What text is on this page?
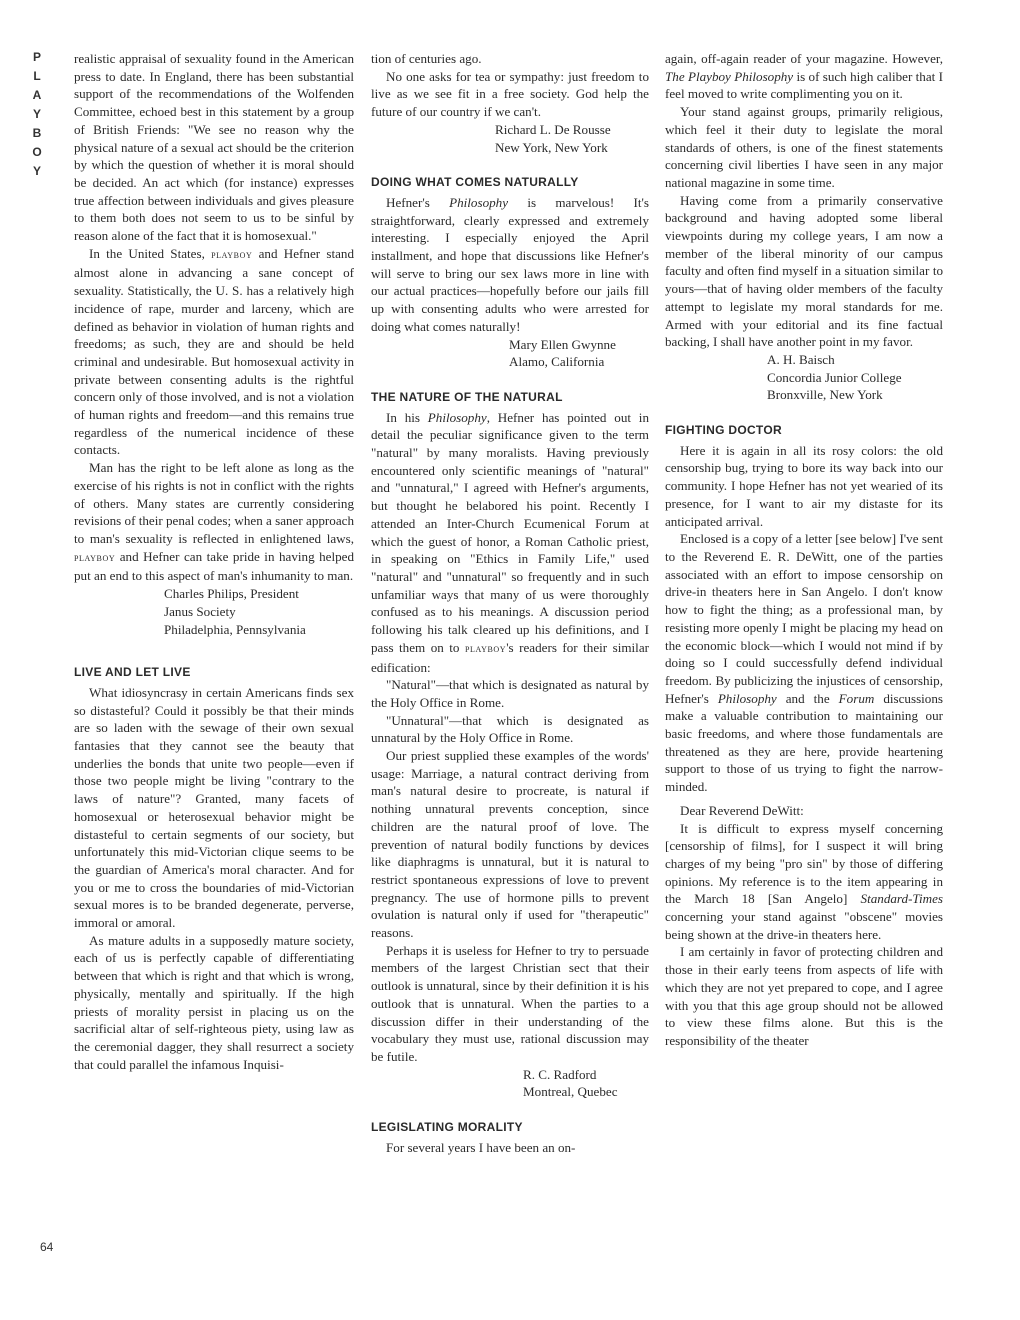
P
L
A
Y
B
O
Y
64

realistic appraisal of sexuality found in the American press to date. In England, there has been substantial support of the recommendations of the Wolfenden Committee, echoed best in this statement by a group of British Friends: "We see no reason why the physical nature of a sexual act should be the criterion by which the question of whether it is moral should be decided. An act which (for instance) expresses true affection between individuals and gives pleasure to them both does not seem to us to be sinful by reason alone of the fact that it is homosexual."

In the United States, playboy and Hefner stand almost alone in advancing a sane concept of sexuality. Statistically, the U. S. has a relatively high incidence of rape, murder and larceny, which are defined as behavior in violation of human rights and freedoms; as such, they are and should be held criminal and undesirable. But homosexual activity in private between consenting adults is the rightful concern only of those involved, and is not a violation of human rights and freedom—and this remains true regardless of the numerical incidence of these contacts.

Man has the right to be left alone as long as the exercise of his rights is not in conflict with the rights of others. Many states are currently considering revisions of their penal codes; when a saner approach to man's sexuality is reflected in enlightened laws, playboy and Hefner can take pride in having helped put an end to this aspect of man's inhumanity to man.

Charles Philips, President
Janus Society
Philadelphia, Pennsylvania
LIVE AND LET LIVE

What idiosyncrasy in certain Americans finds sex so distasteful? Could it possibly be that their minds are so laden with the sewage of their own sexual fantasies that they cannot see the beauty that underlies the bonds that unite two people—even if those two people might be living "contrary to the laws of nature"? Granted, many facets of homosexual or heterosexual behavior might be distasteful to certain segments of our society, but unfortunately this mid-Victorian clique seems to be the guardian of America's moral character. And for you or me to cross the boundaries of mid-Victorian sexual mores is to be branded degenerate, perverse, immoral or amoral.

As mature adults in a supposedly mature society, each of us is perfectly capable of differentiating between that which is right and that which is wrong, physically, mentally and spiritually. If the high priests of morality persist in placing us on the sacrificial altar of self-righteous piety, using law as the ceremonial dagger, they shall resurrect a society that could parallel the infamous Inquisi-

tion of centuries ago.

No one asks for tea or sympathy: just freedom to live as we see fit in a free society. God help the future of our country if we can't.

Richard L. De Rousse
New York, New York
DOING WHAT COMES NATURALLY

Hefner's Philosophy is marvelous! It's straightforward, clearly expressed and extremely interesting. I especially enjoyed the April installment, and hope that discussions like Hefner's will serve to bring our sex laws more in line with our actual practices—hopefully before our jails fill up with consenting adults who were arrested for doing what comes naturally!

Mary Ellen Gwynne
Alamo, California
THE NATURE OF THE NATURAL

In his Philosophy, Hefner has pointed out in detail the peculiar significance given to the term "natural" by many moralists. Having previously encountered only scientific meanings of "natural" and "unnatural," I agreed with Hefner's arguments, but thought he belabored his point. Recently I attended an Inter-Church Ecumenical Forum at which the guest of honor, a Roman Catholic priest, in speaking on "Ethics in Family Life," used "natural" and "unnatural" so frequently and in such unfamiliar ways that many of us were thoroughly confused as to his meanings. A discussion period following his talk cleared up his definitions, and I pass them on to playboy's readers for their similar edification:

"Natural"—that which is designated as natural by the Holy Office in Rome.

"Unnatural"—that which is designated as unnatural by the Holy Office in Rome.

Our priest supplied these examples of the words' usage: Marriage, a natural contract deriving from man's natural desire to procreate, is natural if nothing unnatural prevents conception, since children are the natural proof of love. The prevention of natural bodily functions by devices like diaphragms is unnatural, but it is natural to restrict spontaneous expressions of love to prevent pregnancy. The use of hormone pills to prevent ovulation is natural only if used for "therapeutic" reasons.

Perhaps it is useless for Hefner to try to persuade members of the largest Christian sect that their outlook is unnatural, since by their definition it is his outlook that is unnatural. When the parties to a discussion differ in their understanding of the vocabulary they must use, rational discussion may be futile.

R. C. Radford
Montreal, Quebec
LEGISLATING MORALITY

For several years I have been an on-

again, off-again reader of your magazine. However, The Playboy Philosophy is of such high caliber that I feel moved to write complimenting you on it.

Your stand against groups, primarily religious, which feel it their duty to legislate the moral standards of others, is one of the finest statements concerning civil liberties I have seen in any major national magazine in some time.

Having come from a primarily conservative background and having adopted some liberal viewpoints during my college years, I am now a member of the liberal minority of our campus faculty and often find myself in a situation similar to yours—that of having older members of the faculty attempt to legislate my moral standards for me. Armed with your editorial and its fine factual backing, I shall have another point in my favor.

A. H. Baisch
Concordia Junior College
Bronxville, New York
FIGHTING DOCTOR

Here it is again in all its rosy colors: the old censorship bug, trying to bore its way back into our community. I hope Hefner has not yet wearied of its presence, for I want to air my distaste for its anticipated arrival.

Enclosed is a copy of a letter [see below] I've sent to the Reverend E. R. DeWitt, one of the parties associated with an effort to impose censorship on drive-in theaters here in San Angelo. I don't know how to fight the thing; as a professional man, by resisting more openly I might be placing my head on the economic block—which I would not mind if by doing so I could successfully defend individual freedom. By publicizing the injustices of censorship, Hefner's Philosophy and the Forum discussions make a valuable contribution to maintaining our basic freedoms, and where those fundamentals are threatened as they are here, provide heartening support to those of us trying to fight the narrow-minded.

Dear Reverend DeWitt:

It is difficult to express myself concerning [censorship of films], for I suspect it will bring charges of my being "pro sin" by those of differing opinions. My reference is to the item appearing in the March 18 [San Angelo] Standard-Times concerning your stand against "obscene" movies being shown at the drive-in theaters here.

I am certainly in favor of protecting children and those in their early teens from aspects of life with which they are not yet prepared to cope, and I agree with you that this age group should not be allowed to view these films alone. But this is the responsibility of the theater
